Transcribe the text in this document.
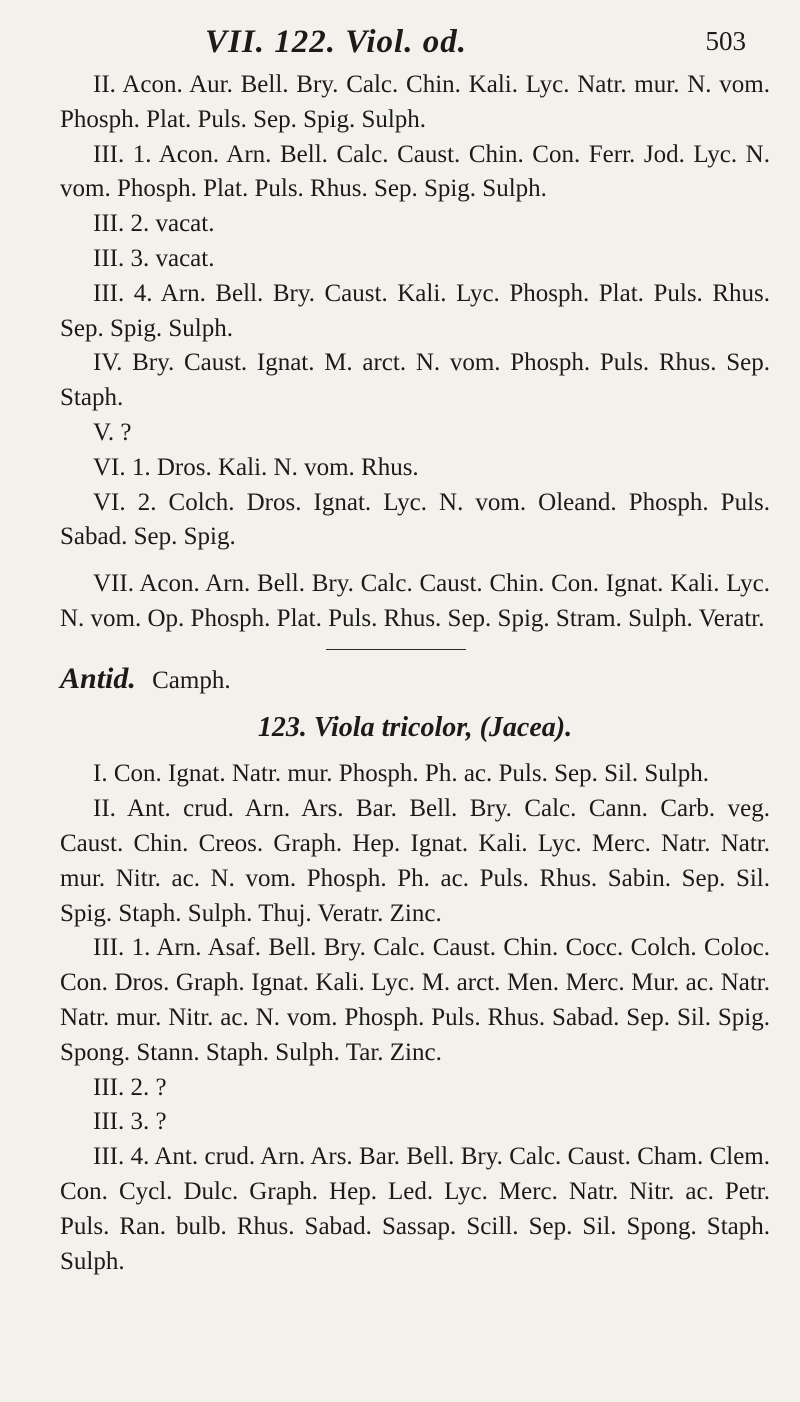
VII. 122. Viol. od.	503

II. Acon. Aur. Bell. Bry. Calc. Chin. Kali. Lyc. Natr. mur. N. vom. Phosph. Plat. Puls. Sep. Spig. Sulph.

III. 1. Acon. Arn. Bell. Calc. Caust. Chin. Con. Ferr. Jod. Lyc. N. vom. Phosph. Plat. Puls. Rhus. Sep. Spig. Sulph.

III. 2. vacat.

III. 3. vacat.

III. 4. Arn. Bell. Bry. Caust. Kali. Lyc. Phosph. Plat. Puls. Rhus. Sep. Spig. Sulph.

IV. Bry. Caust. Ignat. M. arct. N. vom. Phosph. Puls. Rhus. Sep. Staph.

V. ?

VI. 1. Dros. Kali. N. vom. Rhus.

VI. 2. Colch. Dros. Ignat. Lyc. N. vom. Oleand. Phosph. Puls. Sabad. Sep. Spig.

VII. Acon. Arn. Bell. Bry. Calc. Caust. Chin. Con. Ignat. Kali. Lyc. N. vom. Op. Phosph. Plat. Puls. Rhus. Sep. Spig. Stram. Sulph. Veratr.

Antid. Camph.

123. Viola tricolor, (Jacea).

I. Con. Ignat. Natr. mur. Phosph. Ph. ac. Puls. Sep. Sil. Sulph.

II. Ant. crud. Arn. Ars. Bar. Bell. Bry. Calc. Cann. Carb. veg. Caust. Chin. Creos. Graph. Hep. Ignat. Kali. Lyc. Merc. Natr. Natr. mur. Nitr. ac. N. vom. Phosph. Ph. ac. Puls. Rhus. Sabin. Sep. Sil. Spig. Staph. Sulph. Thuj. Veratr. Zinc.

III. 1. Arn. Asaf. Bell. Bry. Calc. Caust. Chin. Cocc. Colch. Coloc. Con. Dros. Graph. Ignat. Kali. Lyc. M. arct. Men. Merc. Mur. ac. Natr. Natr. mur. Nitr. ac. N. vom. Phosph. Puls. Rhus. Sabad. Sep. Sil. Spig. Spong. Stann. Staph. Sulph. Tar. Zinc.

III. 2. ?

III. 3. ?

III. 4. Ant. crud. Arn. Ars. Bar. Bell. Bry. Calc. Caust. Cham. Clem. Con. Cycl. Dulc. Graph. Hep. Led. Lyc. Merc. Natr. Nitr. ac. Petr. Puls. Ran. bulb. Rhus. Sabad. Sassap. Scill. Sep. Sil. Spong. Staph. Sulph.
